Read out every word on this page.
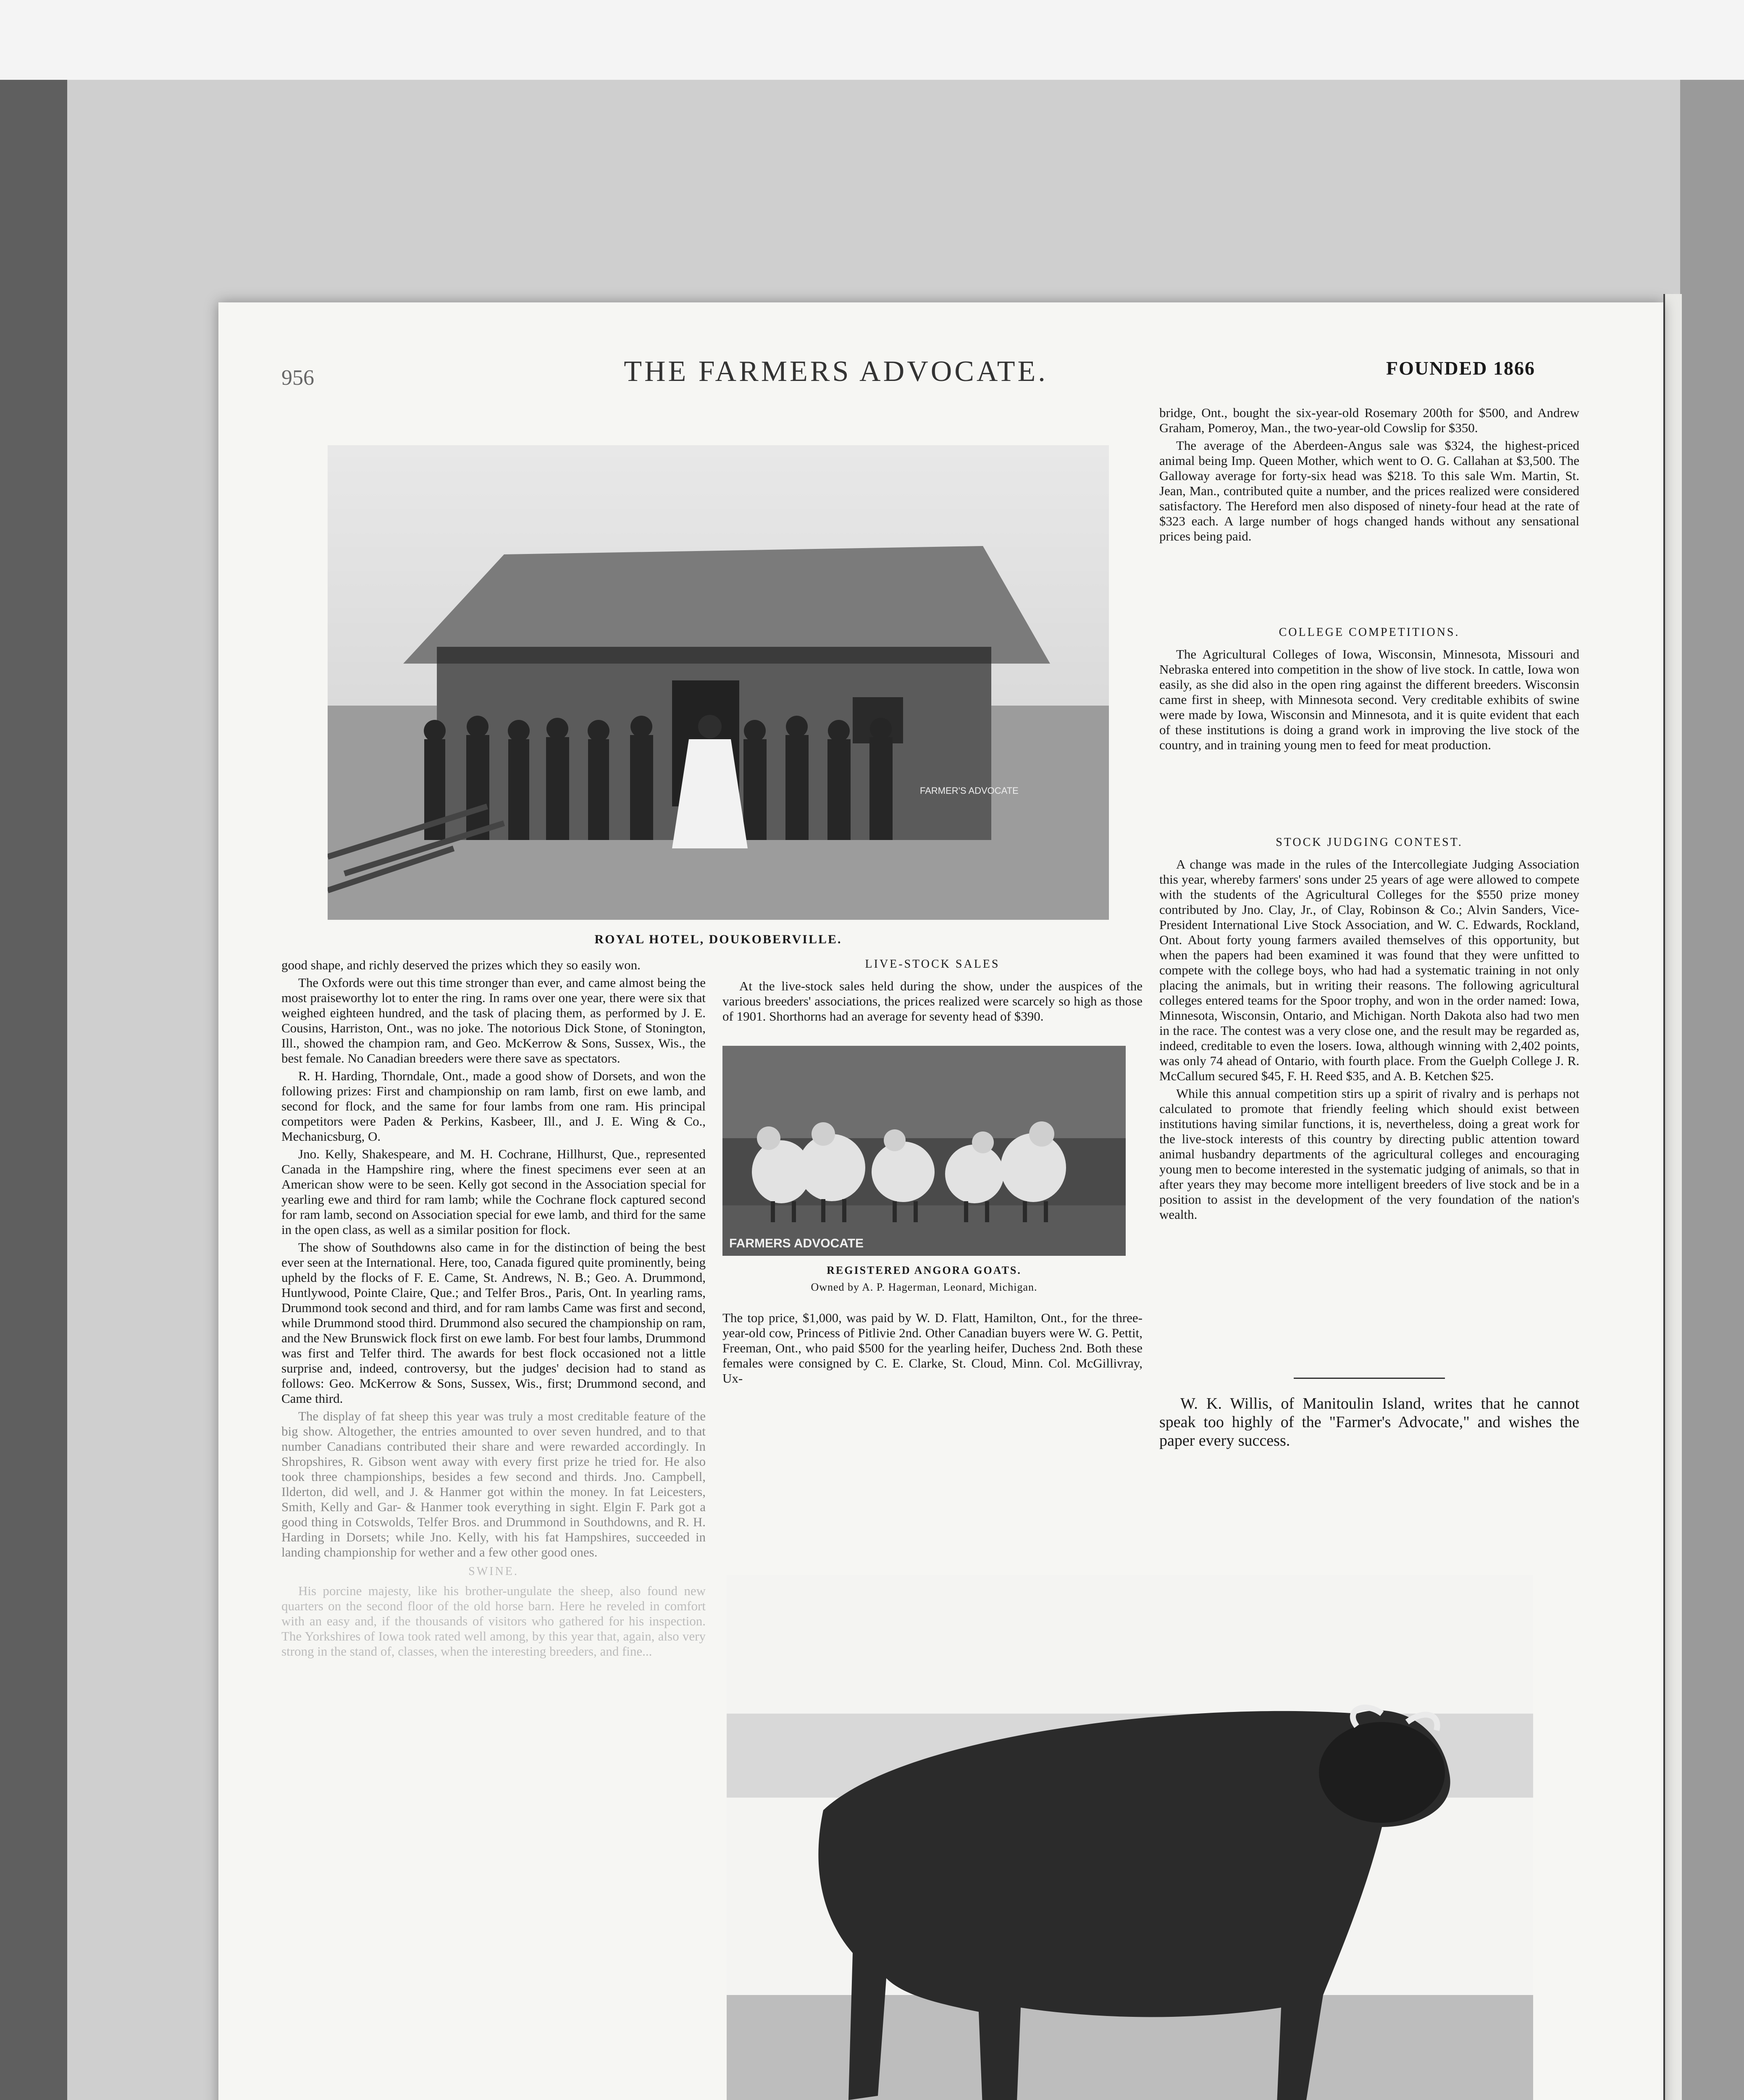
956	THE FARMERS ADVOCATE.	FOUNDED 1866
FARMER'S ADVOCATE
ROYAL HOTEL, DOUKOBERVILLE.

good shape, and richly deserved the prizes which they so easily won.

The Oxfords were out this time stronger than ever, and came almost being the most praiseworthy lot to enter the ring. In rams over one year, there were six that weighed eighteen hundred, and the task of placing them, as performed by J. E. Cousins, Harriston, Ont., was no joke. The notorious Dick Stone, of Stonington, Ill., showed the champion ram, and Geo. McKerrow & Sons, Sussex, Wis., the best female. No Canadian breeders were there save as spectators.

R. H. Harding, Thorndale, Ont., made a good show of Dorsets, and won the following prizes: First and championship on ram lamb, first on ewe lamb, and second for flock, and the same for four lambs from one ram. His principal competitors were Paden & Perkins, Kasbeer, Ill., and J. E. Wing & Co., Mechanicsburg, O.

Jno. Kelly, Shakespeare, and M. H. Cochrane, Hillhurst, Que., represented Canada in the Hampshire ring, where the finest specimens ever seen at an American show were to be seen. Kelly got second in the Association special for yearling ewe and third for ram lamb; while the Cochrane flock captured second for ram lamb, second on Association special for ewe lamb, and third for the same in the open class, as well as a similar position for flock.

The show of Southdowns also came in for the distinction of being the best ever seen at the International. Here, too, Canada figured quite prominently, being upheld by the flocks of F. E. Came, St. Andrews, N. B.; Geo. A. Drummond, Huntlywood, Pointe Claire, Que.; and Telfer Bros., Paris, Ont. In yearling rams, Drummond took second and third, and for ram lambs Came was first and second, while Drummond stood third. Drummond also secured the championship on ram, and the New Brunswick flock first on ewe lamb. For best four lambs, Drummond was first and Telfer third. The awards for best flock occasioned not a little surprise and, indeed, controversy, but the judges' decision had to stand as follows: Geo. McKerrow & Sons, Sussex, Wis., first; Drummond second, and Came third.

The display of fat sheep this year was truly a most creditable feature of the big show. Altogether, the entries amounted to over seven hundred, and to that number Canadians contributed their share and were rewarded accordingly. In Shropshires, R. Gibson went away with every first prize he tried for. He also took three championships, besides a few second and thirds. Jno. Campbell, Ilderton, did well, and J. & Hanmer got within the money. In fat Leicesters, Smith, Kelly and Gar- & Hanmer took everything in sight. Elgin F. Park got a good thing in Cotswolds, Telfer Bros. and Drummond in Southdowns, and R. H. Harding in Dorsets; while Jno. Kelly, with his fat Hampshires, succeeded in landing championship for wether and a few other good ones.

SWINE.

His porcine majesty, like his brother-ungulate the sheep, also found new quarters on the second floor of the old horse barn. Here he reveled in comfort with an easy and, if the thousands of visitors who gathered for his inspection. The Yorkshires of Iowa took rated well among, by this year that, again, also very strong in the stand of, classes, when the interesting breeders, and fine...

LIVE-STOCK SALES

At the live-stock sales held during the show, under the auspices of the various breeders' associations, the prices realized were scarcely so high as those of 1901. Shorthorns had an average for seventy head of $390.

FARMERS ADVOCATE
REGISTERED ANGORA GOATS.
Owned by A. P. Hagerman, Leonard, Michigan.

The top price, $1,000, was paid by W. D. Flatt, Hamilton, Ont., for the three-year-old cow, Princess of Pitlivie 2nd. Other Canadian buyers were W. G. Pettit, Freeman, Ont., who paid $500 for the yearling heifer, Duchess 2nd. Both these females were consigned by C. E. Clarke, St. Cloud, Minn. Col. McGillivray, Ux-

bridge, Ont., bought the six-year-old Rosemary 200th for $500, and Andrew Graham, Pomeroy, Man., the two-year-old Cowslip for $350.

The average of the Aberdeen-Angus sale was $324, the highest-priced animal being Imp. Queen Mother, which went to O. G. Callahan at $3,500. The Galloway average for forty-six head was $218. To this sale Wm. Martin, St. Jean, Man., contributed quite a number, and the prices realized were considered satisfactory. The Hereford men also disposed of ninety-four head at the rate of $323 each. A large number of hogs changed hands without any sensational prices being paid.

COLLEGE COMPETITIONS.

The Agricultural Colleges of Iowa, Wisconsin, Minnesota, Missouri and Nebraska entered into competition in the show of live stock. In cattle, Iowa won easily, as she did also in the open ring against the different breeders. Wisconsin came first in sheep, with Minnesota second. Very creditable exhibits of swine were made by Iowa, Wisconsin and Minnesota, and it is quite evident that each of these institutions is doing a grand work in improving the live stock of the country, and in training young men to feed for meat production.

STOCK JUDGING CONTEST.

A change was made in the rules of the Intercollegiate Judging Association this year, whereby farmers' sons under 25 years of age were allowed to compete with the students of the Agricultural Colleges for the $550 prize money contributed by Jno. Clay, Jr., of Clay, Robinson & Co.; Alvin Sanders, Vice-President International Live Stock Association, and W. C. Edwards, Rockland, Ont. About forty young farmers availed themselves of this opportunity, but when the papers had been examined it was found that they were unfitted to compete with the college boys, who had had a systematic training in not only placing the animals, but in writing their reasons. The following agricultural colleges entered teams for the Spoor trophy, and won in the order named: Iowa, Minnesota, Wisconsin, Ontario, and Michigan. North Dakota also had two men in the race. The contest was a very close one, and the result may be regarded as, indeed, creditable to even the losers. Iowa, although winning with 2,402 points, was only 74 ahead of Ontario, with fourth place. From the Guelph College J. R. McCallum secured $45, F. H. Reed $35, and A. B. Ketchen $25.

While this annual competition stirs up a spirit of rivalry and is perhaps not calculated to promote that friendly feeling which should exist between institutions having similar functions, it is, nevertheless, doing a great work for the live-stock interests of this country by directing public attention toward animal husbandry departments of the agricultural colleges and encouraging young men to become interested in the systematic judging of animals, so that in after years they may become more intelligent breeders of live stock and be in a position to assist in the development of the very foundation of the nation's wealth.

W. K. Willis, of Manitoulin Island, writes that he cannot speak too highly of the "Farmer's Advocate," and wishes the paper every success.
